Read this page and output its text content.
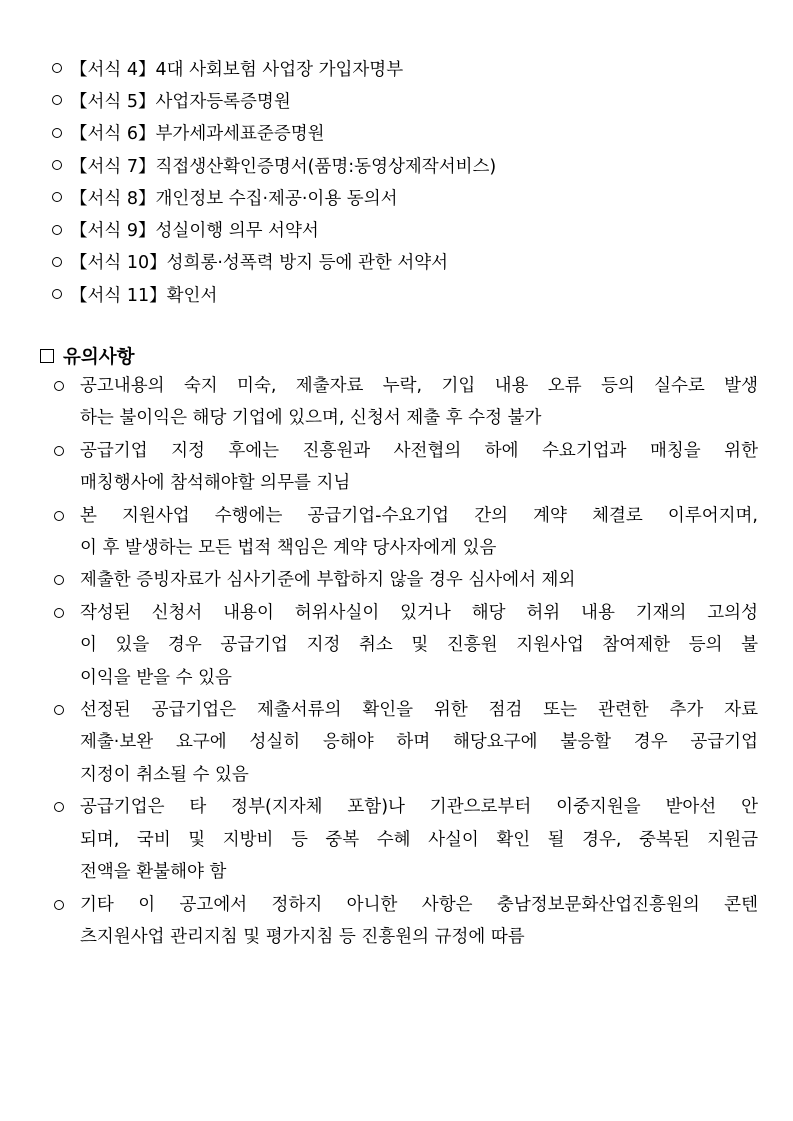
【서식 4】4대 사회보험 사업장 가입자명부
【서식 5】사업자등록증명원
【서식 6】부가세과세표준증명원
【서식 7】직접생산확인증명서(품명:동영상제작서비스)
【서식 8】개인정보 수집·제공·이용 동의서
【서식 9】성실이행 의무 서약서
【서식 10】성희롱·성폭력 방지 등에 관한 서약서
【서식 11】확인서
유의사항
공고내용의 숙지 미숙, 제출자료 누락, 기입 내용 오류 등의 실수로 발생
하는 불이익은 해당 기업에 있으며, 신청서 제출 후 수정 불가
공급기업 지정 후에는 진흥원과 사전협의 하에 수요기업과 매칭을 위한
매칭행사에 참석해야할 의무를 지님
본 지원사업 수행에는 공급기업-수요기업 간의 계약 체결로 이루어지며,
이 후 발생하는 모든 법적 책임은 계약 당사자에게 있음
제출한 증빙자료가 심사기준에 부합하지 않을 경우 심사에서 제외
작성된 신청서 내용이 허위사실이 있거나 해당 허위 내용 기재의 고의성
이 있을 경우 공급기업 지정 취소 및 진흥원 지원사업 참여제한 등의 불
이익을 받을 수 있음
선정된 공급기업은 제출서류의 확인을 위한 점검 또는 관련한 추가 자료
제출·보완 요구에 성실히 응해야 하며 해당요구에 불응할 경우 공급기업
지정이 취소될 수 있음
공급기업은 타 정부(지자체 포함)나 기관으로부터 이중지원을 받아선 안
되며, 국비 및 지방비 등 중복 수혜 사실이 확인 될 경우, 중복된 지원금
전액을 환불해야 함
기타 이 공고에서 정하지 아니한 사항은 충남정보문화산업진흥원의 콘텐
츠지원사업 관리지침 및 평가지침 등 진흥원의 규정에 따름
